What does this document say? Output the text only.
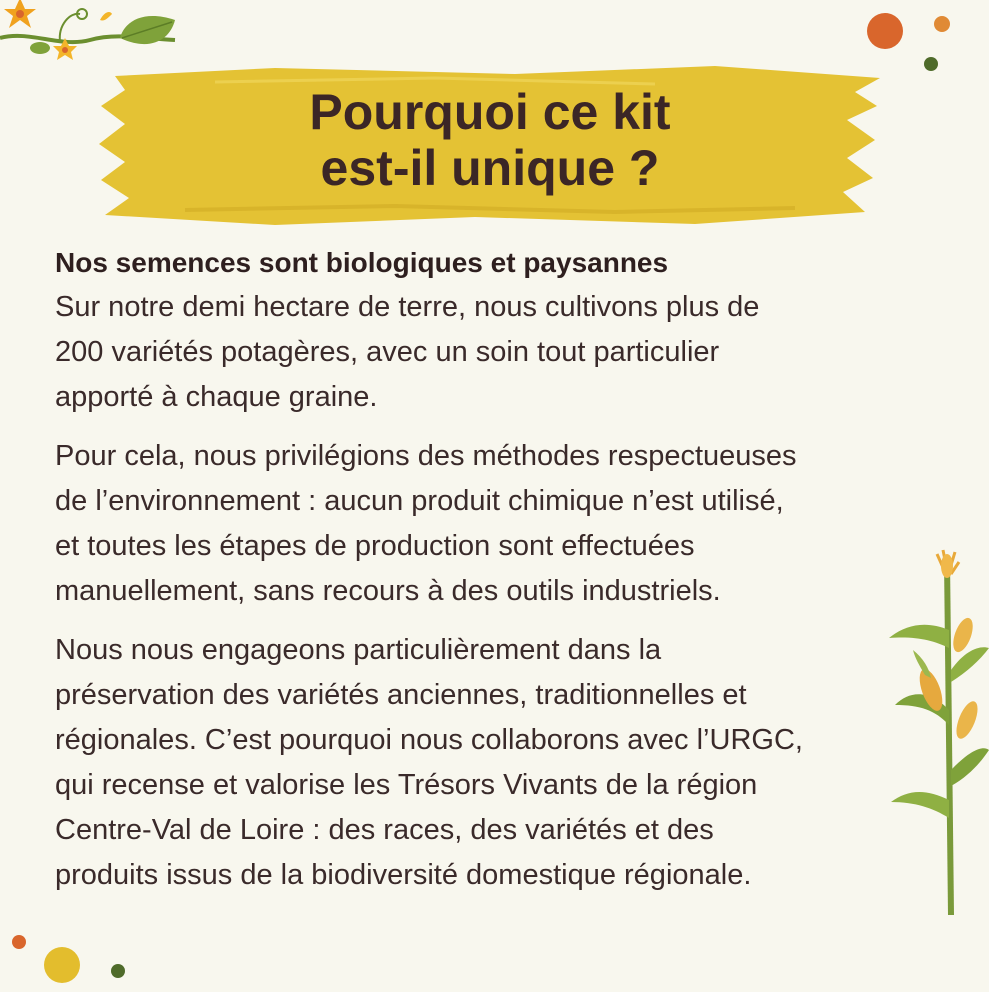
Pourquoi ce kit
est-il unique ?

Nos semences sont biologiques et paysannes
Sur notre demi hectare de terre, nous cultivons plus de
200 variétés potagères, avec un soin tout particulier
apporté à chaque graine.

Pour cela, nous privilégions des méthodes respectueuses
de l’environnement : aucun produit chimique n’est utilisé,
et toutes les étapes de production sont effectuées
manuellement, sans recours à des outils industriels.

Nous nous engageons particulièrement dans la
préservation des variétés anciennes, traditionnelles et
régionales. C’est pourquoi nous collaborons avec l’URGC,
qui recense et valorise les Trésors Vivants de la région
Centre-Val de Loire : des races, des variétés et des
produits issus de la biodiversité domestique régionale.
